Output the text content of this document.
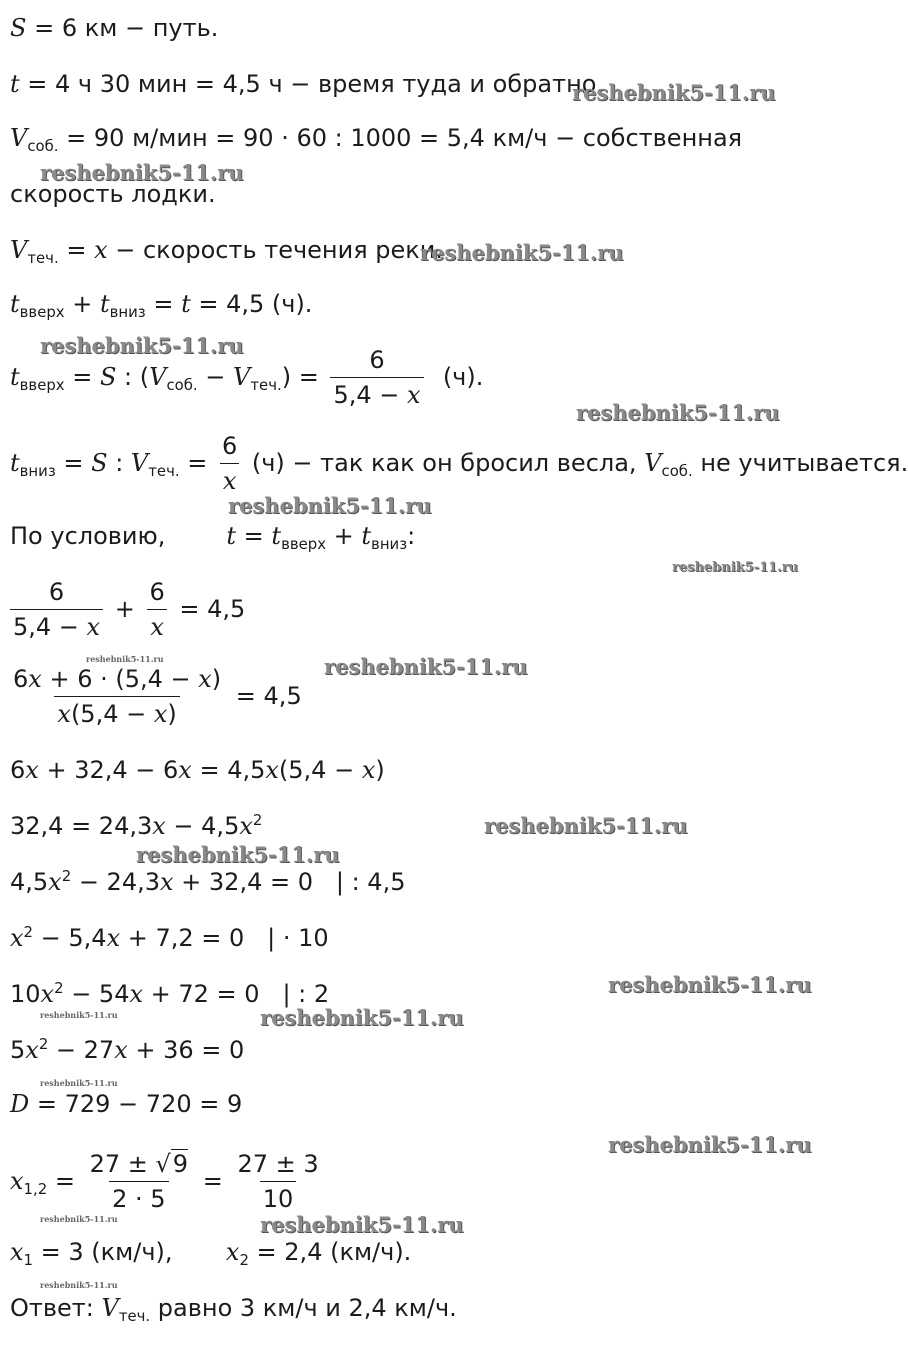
S = 6 км − путь.
t = 4 ч 30 мин = 4,5 ч − время туда и обратно.
$V_{соб.} = 90$ м/мин = 90 · 60 : 1000 = 5,4 км/ч − собственная
скорость лодки.
$V_{теч.} = x$ − скорость течения реки.
$t_{вверх} + t_{вниз} = t = 4,5$ (ч).
$t_{вверх} = S$ : $(V_{соб.} - V_{теч.}) = \frac{6}{5,4 - x} (ч)$.
$t_{вниз} = S$ : $V_{теч.} = \frac{6}{x} (ч)$ − так как он бросил весла, $V_{соб.}$ не учитывается.
По условию,        $t = t_{вверх} + t_{вниз}$:
$\frac{6}{5,4 - x} + \frac{6}{x} = 4,5$
$\frac{6x + 6 \cdot (5,4 - x)}{x(5,4 - x)} = 4,5$
6x + 32,4 − 6x = 4,5x(5,4 − x)
$32,4 = 24,3x - 4,5x^2$
$4,5x^2 - 24,3x + 32,4 = 0$   | : 4,5
$x^2 - 5,4x + 7,2 = 0$   | · 10
$10x^2 - 54x + 72 = 0$   | : 2
$5x^2 - 27x + 36 = 0$
D = 729 − 720 = 9
$x_{1,2} = \frac{27 \pm √9}{2 \cdot 5} = \frac{27 \pm 3}{10}$
$x_1 = 3$ (км/ч),       $x_2 = 2,4$ (км/ч).
Ответ: $V_{теч.}$ равно 3 км/ч и 2,4 км/ч.
reshebnik5-11.ru
reshebnik5-11.ru
reshebnik5-11.ru
reshebnik5-11.ru
reshebnik5-11.ru
reshebnik5-11.ru
reshebnik5-11.ru
reshebnik5-11.ru	reshebnik5-11.ru
reshebnik5-11.ru
reshebnik5-11.ru
reshebnik5-11.ru
reshebnik5-11.ru	reshebnik5-11.ru
reshebnik5-11.ru
reshebnik5-11.ru
reshebnik5-11.ru	reshebnik5-11.ru
reshebnik5-11.ru
